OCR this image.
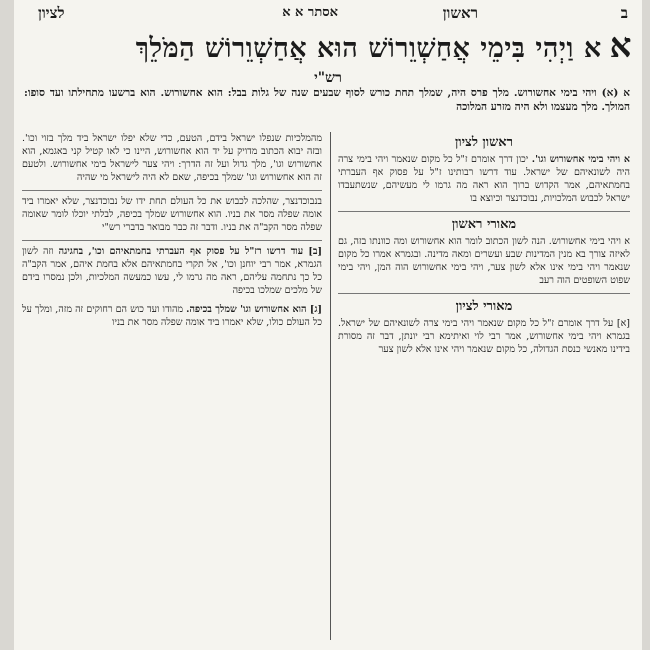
ב
ראשון
אסתר א א
לציון
אא וַיְהִי בִּימֵי אֲחַשְׁוֵרוֹשׁ הוּא אֲחַשְׁוֵרוֹשׁ הַמֹּלֵךְ
רש"י
א (א) ויהי בימי אחשורוש. מלך פרס היה, שמלך תחת כורש לסוף שבעים שנה של גלות בבל: הוא אחשורוש. הוא ברשעו מתחילתו ועד סופו: המולך. מלך מעצמו ולא היה מזרע המלוכה
ראשון לציון

א ויהי בימי אחשורוש וגו'. יכון דרך אומרם ז"ל כל מקום שנאמר ויהי בימי צרה היה לשונאיהם של ישראל. עוד דרשו רבותינו ז"ל על פסוק אף העברתי בחמתאיהם, אמר הקדוש ברוך הוא ראה מה גרמו לי מעשיהם, שנשתעבדו ישראל לכבוש המלכויות, נבוכדנצר וכיוצא בו

מאורי ראשון

א ויהי בימי אחשורוש. הנה לשון הכתוב לומר הוא אחשורוש ומה כוונתו בזה, גם לאיזה צורך בא מנין המדינות שבע ועשרים ומאה מדינה. ובגמרא אמרו כל מקום שנאמר ויהי בימי אינו אלא לשון צער, ויהי בימי אחשורוש הוה המן, ויהי בימי שפוט השופטים הוה רעב

מאורי לציון

[א] על דרך אומרם ז"ל כל מקום שנאמר ויהי בימי צרה לשונאיהם של ישראל. בגמרא ויהי בימי אחשורוש, אמר רבי לוי ואיתימא רבי יונתן, דבר זה מסורת בידינו מאנשי כנסת הגדולה, כל מקום שנאמר ויהי אינו אלא לשון צער

מהמלכיות שנפלו ישראל בידם, הטעם, כדי שלא יפלו ישראל ביד מלך בזוי וכו'. ובזה יבוא הכתוב מדויק על יד הוא אחשורוש, היינו כי לאו קטיל קני באגמא, הוא אחשורוש וגו', מלך גדול ועל זה הדרך: ויהי צער לישראל בימי אחשורוש. ולטעם זה הוא אחשורוש וגו' שמלך בכיפה, שאם לא היה לישראל מי שהיה

בנבוכדנצר, שהלכה לכבוש את כל העולם תחת ידו של נבוכדנצר, שלא יאמרו ביד אומה שפלה מסר את בניו. הוא אחשורוש שמלך בכיפה, לבלתי יוכלו לומר שאומה שפלה מסר הקב"ה את בניו. ודבר זה כבר מבואר בדברי רש"י

[ב] עוד דרשו רז"ל על פסוק אף העברתי בחמתאיהם וכו', בחגיגה וזה לשון הגמרא, אמר רבי יוחנן וכו', אל תקרי בחמתאיהם אלא בחמת איהם, אמר הקב"ה כל כך נתחמה עליהם, ראה מה גרמו לי, עשו כמעשה המלכיות, ולכן נמסרו בידם של מלכים שמלכו בכיפה

[ג] הוא אחשורוש וגו' שמלך בכיפה. מהודו ועד כוש הם רחוקים זה מזה, ומלך על כל העולם כולו, שלא יאמרו ביד אומה שפלה מסר את בניו
